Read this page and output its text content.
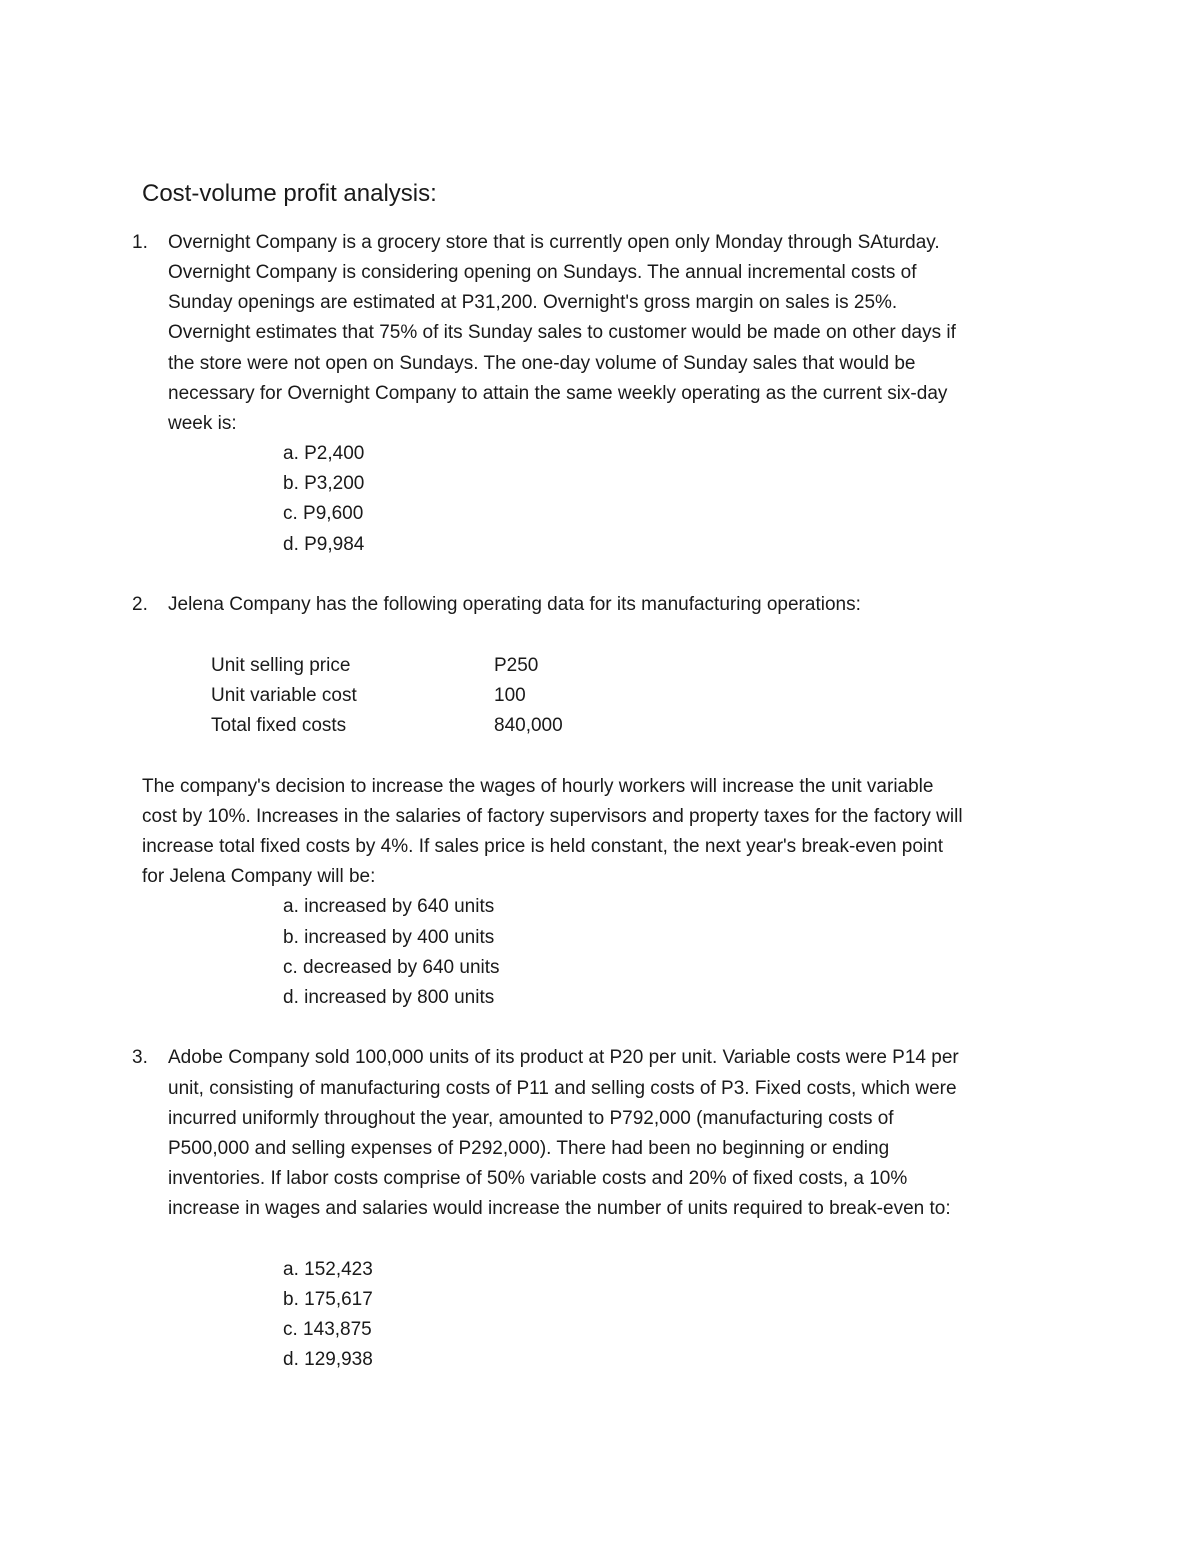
Cost-volume profit analysis:
1. Overnight Company is a grocery store that is currently open only Monday through SAturday.
Overnight Company is considering opening on Sundays. The annual incremental costs of
Sunday openings are estimated at P31,200. Overnight's gross margin on sales is 25%.
Overnight estimates that 75% of its Sunday sales to customer would be made on other days if
the store were not open on Sundays. The one-day volume of Sunday sales that would be
necessary for Overnight Company to attain the same weekly operating as the current six-day
week is:
a. P2,400
b. P3,200
c. P9,600
d. P9,984
2. Jelena Company has the following operating data for its manufacturing operations:
Unit selling price	P250
Unit variable cost	100
Total fixed costs	840,000
The company's decision to increase the wages of hourly workers will increase the unit variable
cost by 10%. Increases in the salaries of factory supervisors and property taxes for the factory will
increase total fixed costs by 4%. If sales price is held constant, the next year's break-even point
for Jelena Company will be:
a. increased by 640 units
b. increased by 400 units
c. decreased by 640 units
d. increased by 800 units
3. Adobe Company sold 100,000 units of its product at P20 per unit. Variable costs were P14 per
unit, consisting of manufacturing costs of P11 and selling costs of P3. Fixed costs, which were
incurred uniformly throughout the year, amounted to P792,000 (manufacturing costs of
P500,000 and selling expenses of P292,000). There had been no beginning or ending
inventories. If labor costs comprise of 50% variable costs and 20% of fixed costs, a 10%
increase in wages and salaries would increase the number of units required to break-even to:
a. 152,423
b. 175,617
c. 143,875
d. 129,938
